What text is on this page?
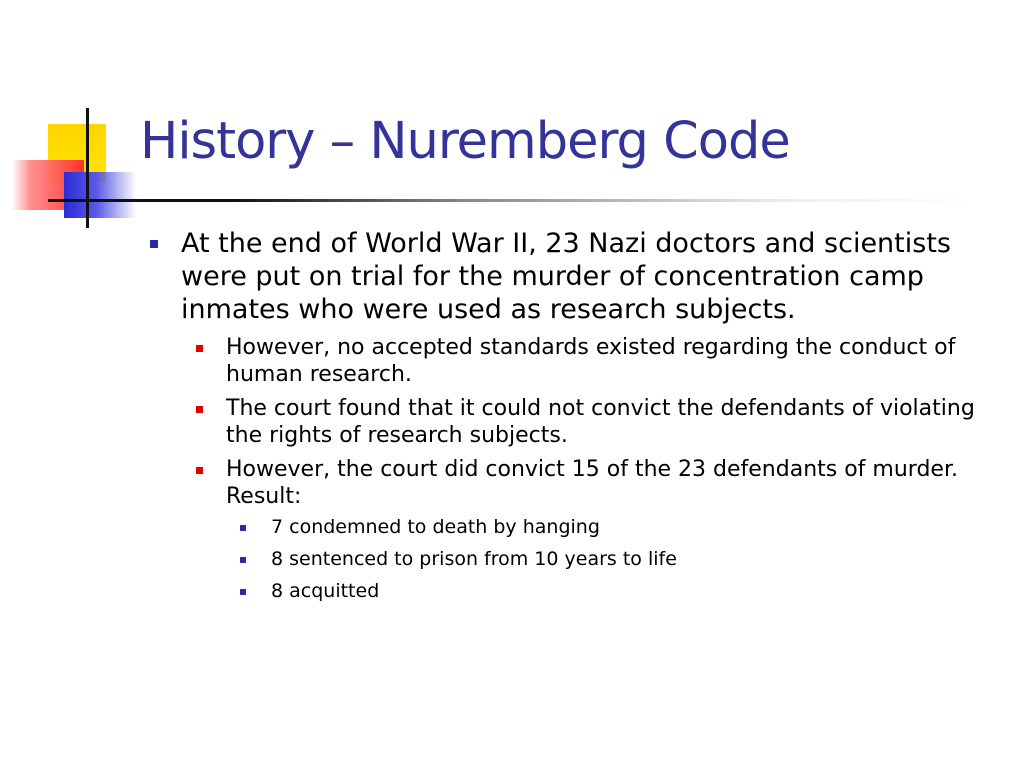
History – Nuremberg Code
At the end of World War II, 23 Nazi doctors and scientists were put on trial for the murder of concentration camp inmates who were used as research subjects.
However, no accepted standards existed regarding the conduct of human research.
The court found that it could not convict the defendants of violating the rights of research subjects.
However, the court did convict 15 of the 23 defendants of murder. Result:
7 condemned to death by hanging
8 sentenced to prison from 10 years to life
8 acquitted
